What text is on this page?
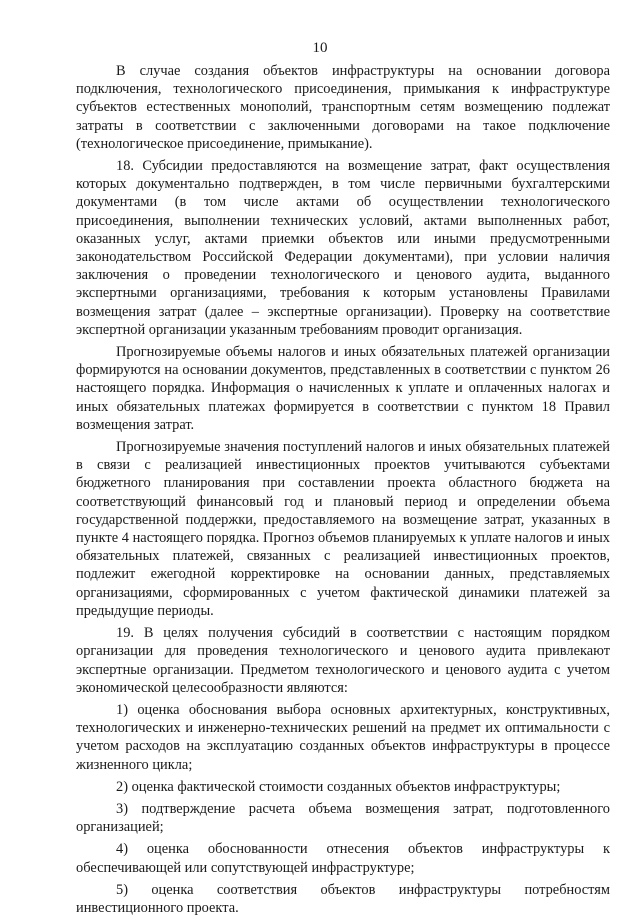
10

В случае создания объектов инфраструктуры на основании договора подключения, технологического присоединения, примыкания к инфраструктуре субъектов естественных монополий, транспортным сетям возмещению подлежат затраты в соответствии с заключенными договорами на такое подключение (технологическое присоединение, примыкание).

18. Субсидии предоставляются на возмещение затрат, факт осуществления которых документально подтвержден, в том числе первичными бухгалтерскими документами (в том числе актами об осуществлении технологического присоединения, выполнении технических условий, актами выполненных работ, оказанных услуг, актами приемки объектов или иными предусмотренными законодательством Российской Федерации документами), при условии наличия заключения о проведении технологического и ценового аудита, выданного экспертными организациями, требования к которым установлены Правилами возмещения затрат (далее – экспертные организации). Проверку на соответствие экспертной организации указанным требованиям проводит организация.

Прогнозируемые объемы налогов и иных обязательных платежей организации формируются на основании документов, представленных в соответствии с пунктом 26 настоящего порядка. Информация о начисленных к уплате и оплаченных налогах и иных обязательных платежах формируется в соответствии с пунктом 18 Правил возмещения затрат.

Прогнозируемые значения поступлений налогов и иных обязательных платежей в связи с реализацией инвестиционных проектов учитываются субъектами бюджетного планирования при составлении проекта областного бюджета на соответствующий финансовый год и плановый период и определении объема государственной поддержки, предоставляемого на возмещение затрат, указанных в пункте 4 настоящего порядка. Прогноз объемов планируемых к уплате налогов и иных обязательных платежей, связанных с реализацией инвестиционных проектов, подлежит ежегодной корректировке на основании данных, представляемых организациями, сформированных с учетом фактической динамики платежей за предыдущие периоды.

19. В целях получения субсидий в соответствии с настоящим порядком организации для проведения технологического и ценового аудита привлекают экспертные организации. Предметом технологического и ценового аудита с учетом экономической целесообразности являются:

1) оценка обоснования выбора основных архитектурных, конструктивных, технологических и инженерно-технических решений на предмет их оптимальности с учетом расходов на эксплуатацию созданных объектов инфраструктуры в процессе жизненного цикла;

2) оценка фактической стоимости созданных объектов инфраструктуры;

3) подтверждение расчета объема возмещения затрат, подготовленного организацией;

4) оценка обоснованности отнесения объектов инфраструктуры к обеспечивающей или сопутствующей инфраструктуре;

5) оценка соответствия объектов инфраструктуры потребностям инвестиционного проекта.
